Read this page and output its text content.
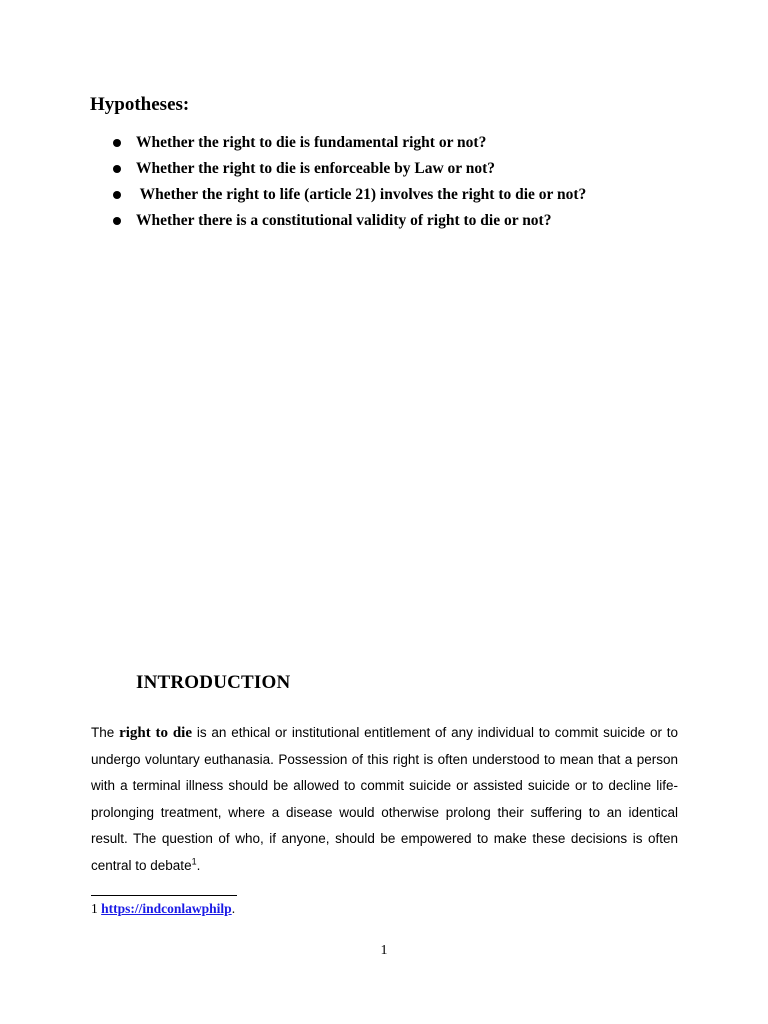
Hypotheses:
Whether the right to die is fundamental right or not?
Whether the right to die is enforceable by Law or not?
Whether the right to life (article 21) involves the right to die or not?
Whether there is a constitutional validity of right to die or not?
INTRODUCTION

The right to die is an ethical or institutional entitlement of any individual to commit suicide or to undergo voluntary euthanasia. Possession of this right is often understood to mean that a person with a terminal illness should be allowed to commit suicide or assisted suicide or to decline life-prolonging treatment, where a disease would otherwise prolong their suffering to an identical result. The question of who, if anyone, should be empowered to make these decisions is often central to debate$^1$.

1 https://indconlawphilp.

1
